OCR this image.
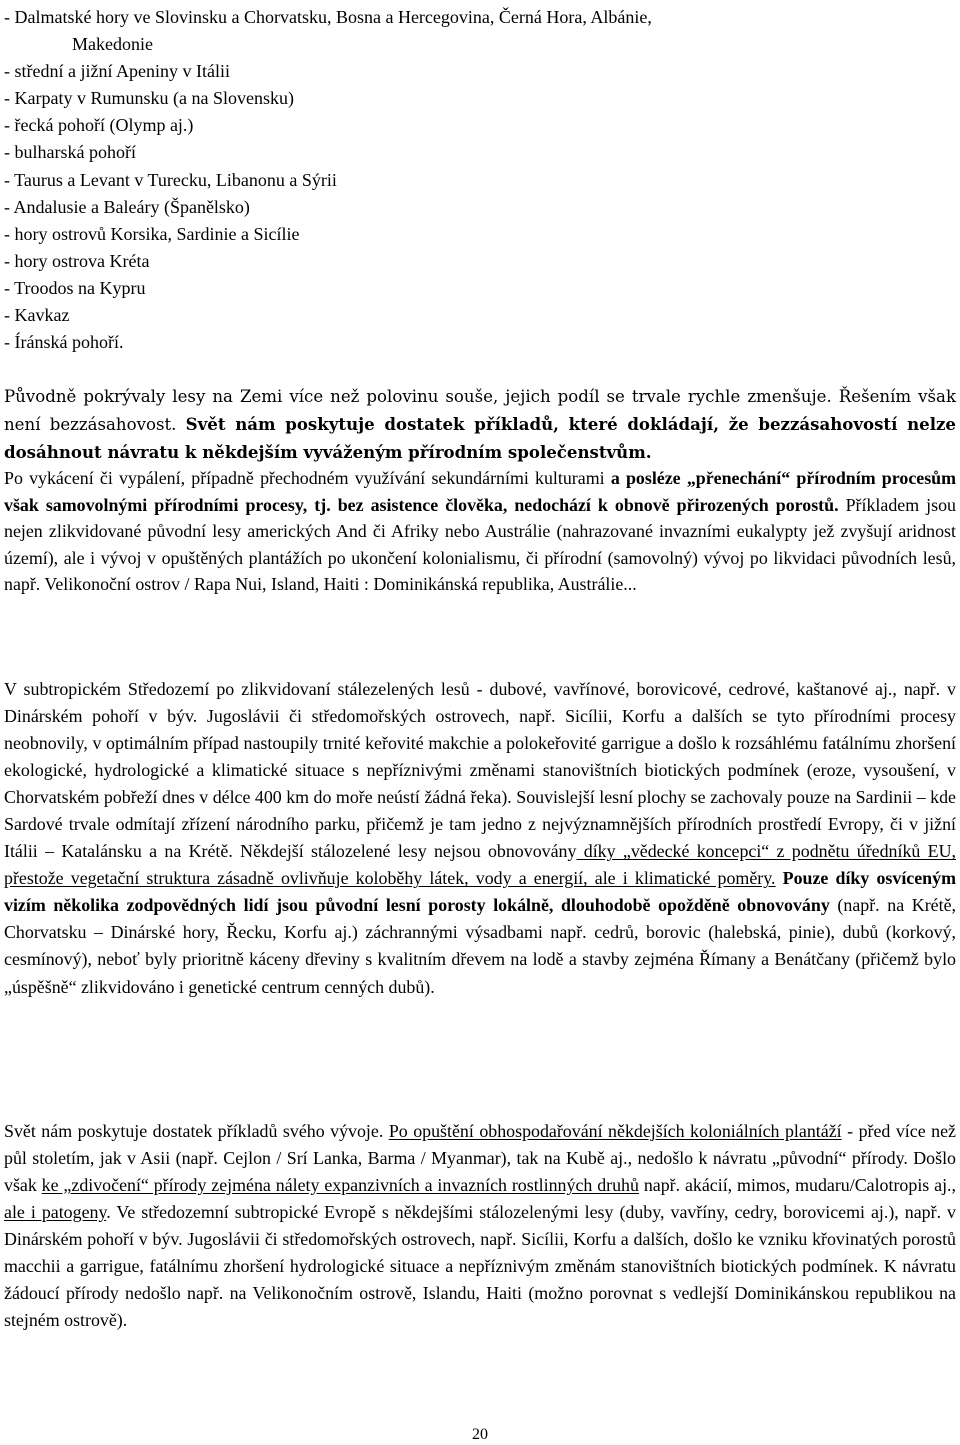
- Dalmatské hory ve Slovinsku a Chorvatsku, Bosna a Hercegovina, Černá Hora, Albánie,
Makedonie
- střední a jižní Apeniny v Itálii
- Karpaty v Rumunsku (a na Slovensku)
- řecká pohoří (Olymp aj.)
- bulharská pohoří
- Taurus a Levant v Turecku, Libanonu a Sýrii
- Andalusie a Baleáry (Španělsko)
- hory ostrovů Korsika, Sardinie a Sicílie
- hory ostrova Kréta
- Troodos na Kypru
- Kavkaz
- Íránská pohoří.

Původně pokrývaly lesy na Zemi více než polovinu souše, jejich podíl se trvale rychle zmenšuje. Řešením však není bezzásahovost. Svět nám poskytuje dostatek příkladů, které dokládají, že bezzásahovostí nelze dosáhnout návratu k někdejším vyváženým přírodním společenstvům.

Po vykácení či vypálení, případně přechodném využívání sekundárními kulturami a posléze „přenechání“ přírodním procesům však samovolnými přírodními procesy, tj. bez asistence člověka, nedochází k obnově přirozených porostů. Příkladem jsou nejen zlikvidované původní lesy amerických And či Afriky nebo Austrálie (nahrazované invazními eukalypty jež zvyšují aridnost území), ale i vývoj v opuštěných plantážích po ukončení kolonialismu, či přírodní (samovolný) vývoj po likvidaci původních lesů, např. Velikonoční ostrov / Rapa Nui, Island, Haiti : Dominikánská republika, Austrálie...

V subtropickém Středozemí po zlikvidovaní stálezelených lesů - dubové, vavřínové, borovicové, cedrové, kaštanové aj., např. v Dinárském pohoří v býv. Jugoslávii či středomořských ostrovech, např. Sicílii, Korfu a dalších se tyto přírodními procesy neobnovily, v optimálním případ nastoupily trnité keřovité makchie a polokeřovité garrigue a došlo k rozsáhlému fatálnímu zhoršení ekologické, hydrologické a klimatické situace s nepříznivými změnami stanovištních biotických podmínek (eroze, vysoušení, v Chorvatském pobřeží dnes v délce 400 km do moře neústí žádná řeka). Souvislejší lesní plochy se zachovaly pouze na Sardinii – kde Sardové trvale odmítají zřízení národního parku, přičemž je tam jedno z nejvýznamnějších přírodních prostředí Evropy, či v jižní Itálii – Katalánsku a na Krétě. Někdejší stálozelené lesy nejsou obnovovány díky „vědecké koncepci“ z podnětu úředníků EU, přestože vegetační struktura zásadně ovlivňuje koloběhy látek, vody a energií, ale i klimatické poměry. Pouze díky osvíceným vizím několika zodpovědných lidí jsou původní lesní porosty lokálně, dlouhodobě opožděně obnovovány (např. na Krétě, Chorvatsku – Dinárské hory, Řecku, Korfu aj.) záchrannými výsadbami např. cedrů, borovic (halebská, pinie), dubů (korkový, cesmínový), neboť byly prioritně káceny dřeviny s kvalitním dřevem na lodě a stavby zejména Římany a Benátčany (přičemž bylo „úspěšně“ zlikvidováno i genetické centrum cenných dubů).

Svět nám poskytuje dostatek příkladů svého vývoje. Po opuštění obhospodařování někdejších koloniálních plantáží - před více než půl stoletím, jak v Asii (např. Cejlon / Srí Lanka, Barma / Myanmar), tak na Kubě aj., nedošlo k návratu „původní“ přírody. Došlo však ke „zdivočení“ přírody zejména nálety expanzivních a invazních rostlinných druhů např. akácií, mimos, mudaru/Calotropis aj., ale i patogeny. Ve středozemní subtropické Evropě s někdejšími stálozelenými lesy (duby, vavříny, cedry, borovicemi aj.), např. v Dinárském pohoří v býv. Jugoslávii či středomořských ostrovech, např. Sicílii, Korfu a dalších, došlo ke vzniku křovinatých porostů macchii a garrigue, fatálnímu zhoršení hydrologické situace a nepříznivým změnám stanovištních biotických podmínek. K návratu žádoucí přírody nedošlo např. na Velikonočním ostrově, Islandu, Haiti (možno porovnat s vedlejší Dominikánskou republikou na stejném ostrově).

20
